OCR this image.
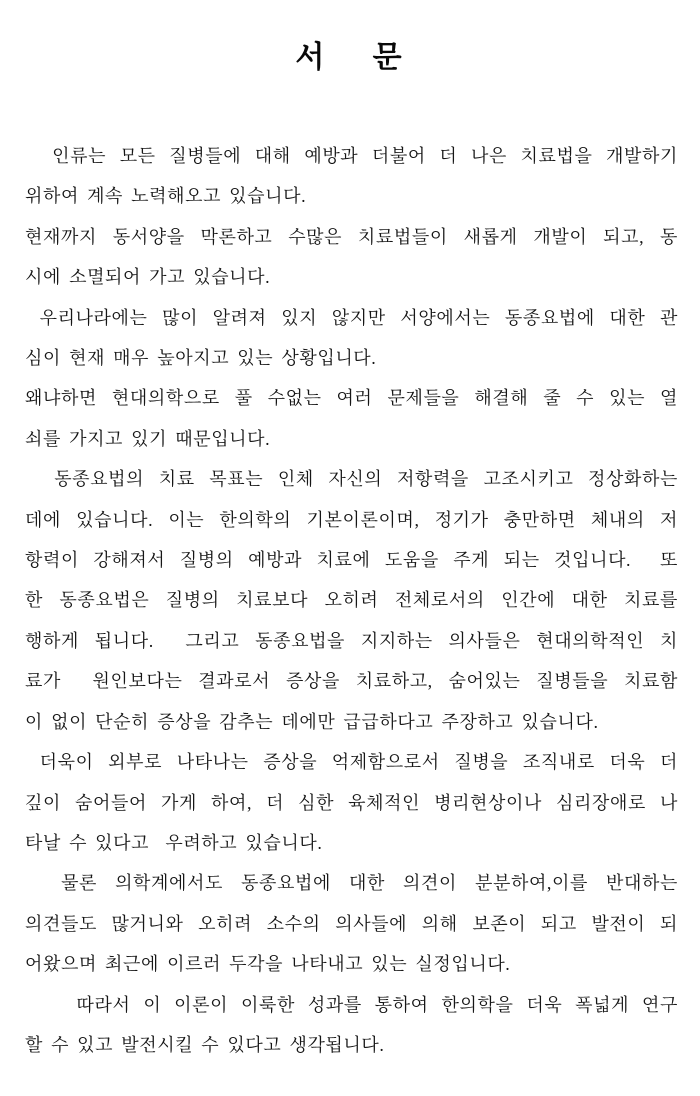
서 문
인류는 모든 질병들에 대해 예방과 더불어 더 나은 치료법을 개발하기
위하여 계속 노력해오고 있습니다.
현재까지 동서양을 막론하고 수많은 치료법들이 새롭게 개발이 되고, 동
시에 소멸되어 가고 있습니다.
우리나라에는 많이 알려져 있지 않지만 서양에서는 동종요법에 대한 관
심이 현재 매우 높아지고 있는 상황입니다.
왜냐하면 현대의학으로 풀 수없는 여러 문제들을 해결해 줄 수 있는 열
쇠를 가지고 있기 때문입니다.
동종요법의 치료 목표는 인체 자신의 저항력을 고조시키고 정상화하는
데에 있습니다. 이는 한의학의 기본이론이며, 정기가 충만하면 체내의 저
항력이 강해져서 질병의 예방과 치료에 도움을 주게 되는 것입니다.  또
한 동종요법은 질병의 치료보다 오히려 전체로서의 인간에 대한 치료를
행하게 됩니다.  그리고 동종요법을 지지하는 의사들은 현대의학적인 치
료가  원인보다는 결과로서 증상을 치료하고, 숨어있는 질병들을 치료함
이 없이 단순히 증상을 감추는 데에만 급급하다고 주장하고 있습니다.
더욱이 외부로 나타나는 증상을 억제함으로서 질병을 조직내로 더욱 더
깊이 숨어들어 가게 하여, 더 심한 육체적인 병리현상이나 심리장애로 나
타날 수 있다고  우려하고 있습니다.
물론 의학계에서도 동종요법에 대한 의견이 분분하여,이를 반대하는
의견들도 많거니와 오히려 소수의 의사들에 의해 보존이 되고 발전이 되
어왔으며 최근에 이르러 두각을 나타내고 있는 실정입니다.
따라서 이 이론이 이룩한 성과를 통하여 한의학을 더욱 폭넓게 연구
할 수 있고 발전시킬 수 있다고 생각됩니다.
